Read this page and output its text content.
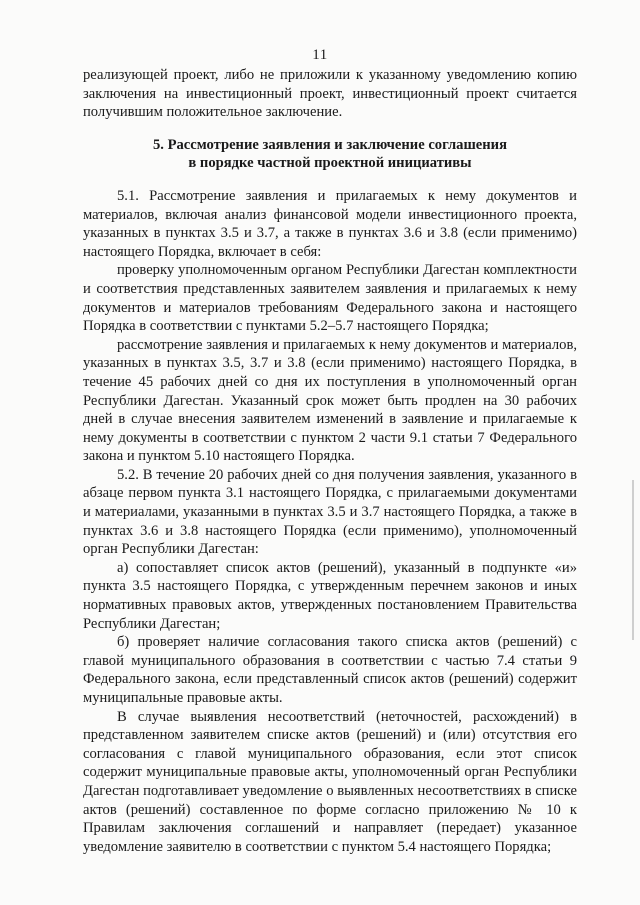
11

реализующей проект, либо не приложили к указанному уведомлению копию заключения на инвестиционный проект, инвестиционный проект считается получившим положительное заключение.

5. Рассмотрение заявления и заключение соглашения
в порядке частной проектной инициативы

5.1. Рассмотрение заявления и прилагаемых к нему документов и материалов, включая анализ финансовой модели инвестиционного проекта, указанных в пунктах 3.5 и 3.7, а также в пунктах 3.6 и 3.8 (если применимо) настоящего Порядка, включает в себя:

проверку уполномоченным органом Республики Дагестан комплектности и соответствия представленных заявителем заявления и прилагаемых к нему документов и материалов требованиям Федерального закона и настоящего Порядка в соответствии с пунктами 5.2–5.7 настоящего Порядка;

рассмотрение заявления и прилагаемых к нему документов и материалов, указанных в пунктах 3.5, 3.7 и 3.8 (если применимо) настоящего Порядка, в течение 45 рабочих дней со дня их поступления в уполномоченный орган Республики Дагестан. Указанный срок может быть продлен на 30 рабочих дней в случае внесения заявителем изменений в заявление и прилагаемые к нему документы в соответствии с пунктом 2 части 9.1 статьи 7 Федерального закона и пунктом 5.10 настоящего Порядка.

5.2. В течение 20 рабочих дней со дня получения заявления, указанного в абзаце первом пункта 3.1 настоящего Порядка, с прилагаемыми документами и материалами, указанными в пунктах 3.5 и 3.7 настоящего Порядка, а также в пунктах 3.6 и 3.8 настоящего Порядка (если применимо), уполномоченный орган Республики Дагестан:

а) сопоставляет список актов (решений), указанный в подпункте «и» пункта 3.5 настоящего Порядка, с утвержденным перечнем законов и иных нормативных правовых актов, утвержденных постановлением Правительства Республики Дагестан;

б) проверяет наличие согласования такого списка актов (решений) с главой муниципального образования в соответствии с частью 7.4 статьи 9 Федерального закона, если представленный список актов (решений) содержит муниципальные правовые акты.

В случае выявления несоответствий (неточностей, расхождений) в представленном заявителем списке актов (решений) и (или) отсутствия его согласования с главой муниципального образования, если этот список содержит муниципальные правовые акты, уполномоченный орган Республики Дагестан подготавливает уведомление о выявленных несоответствиях в списке актов (решений) составленное по форме согласно приложению № 10 к Правилам заключения соглашений и направляет (передает) указанное уведомление заявителю в соответствии с пунктом 5.4 настоящего Порядка;
